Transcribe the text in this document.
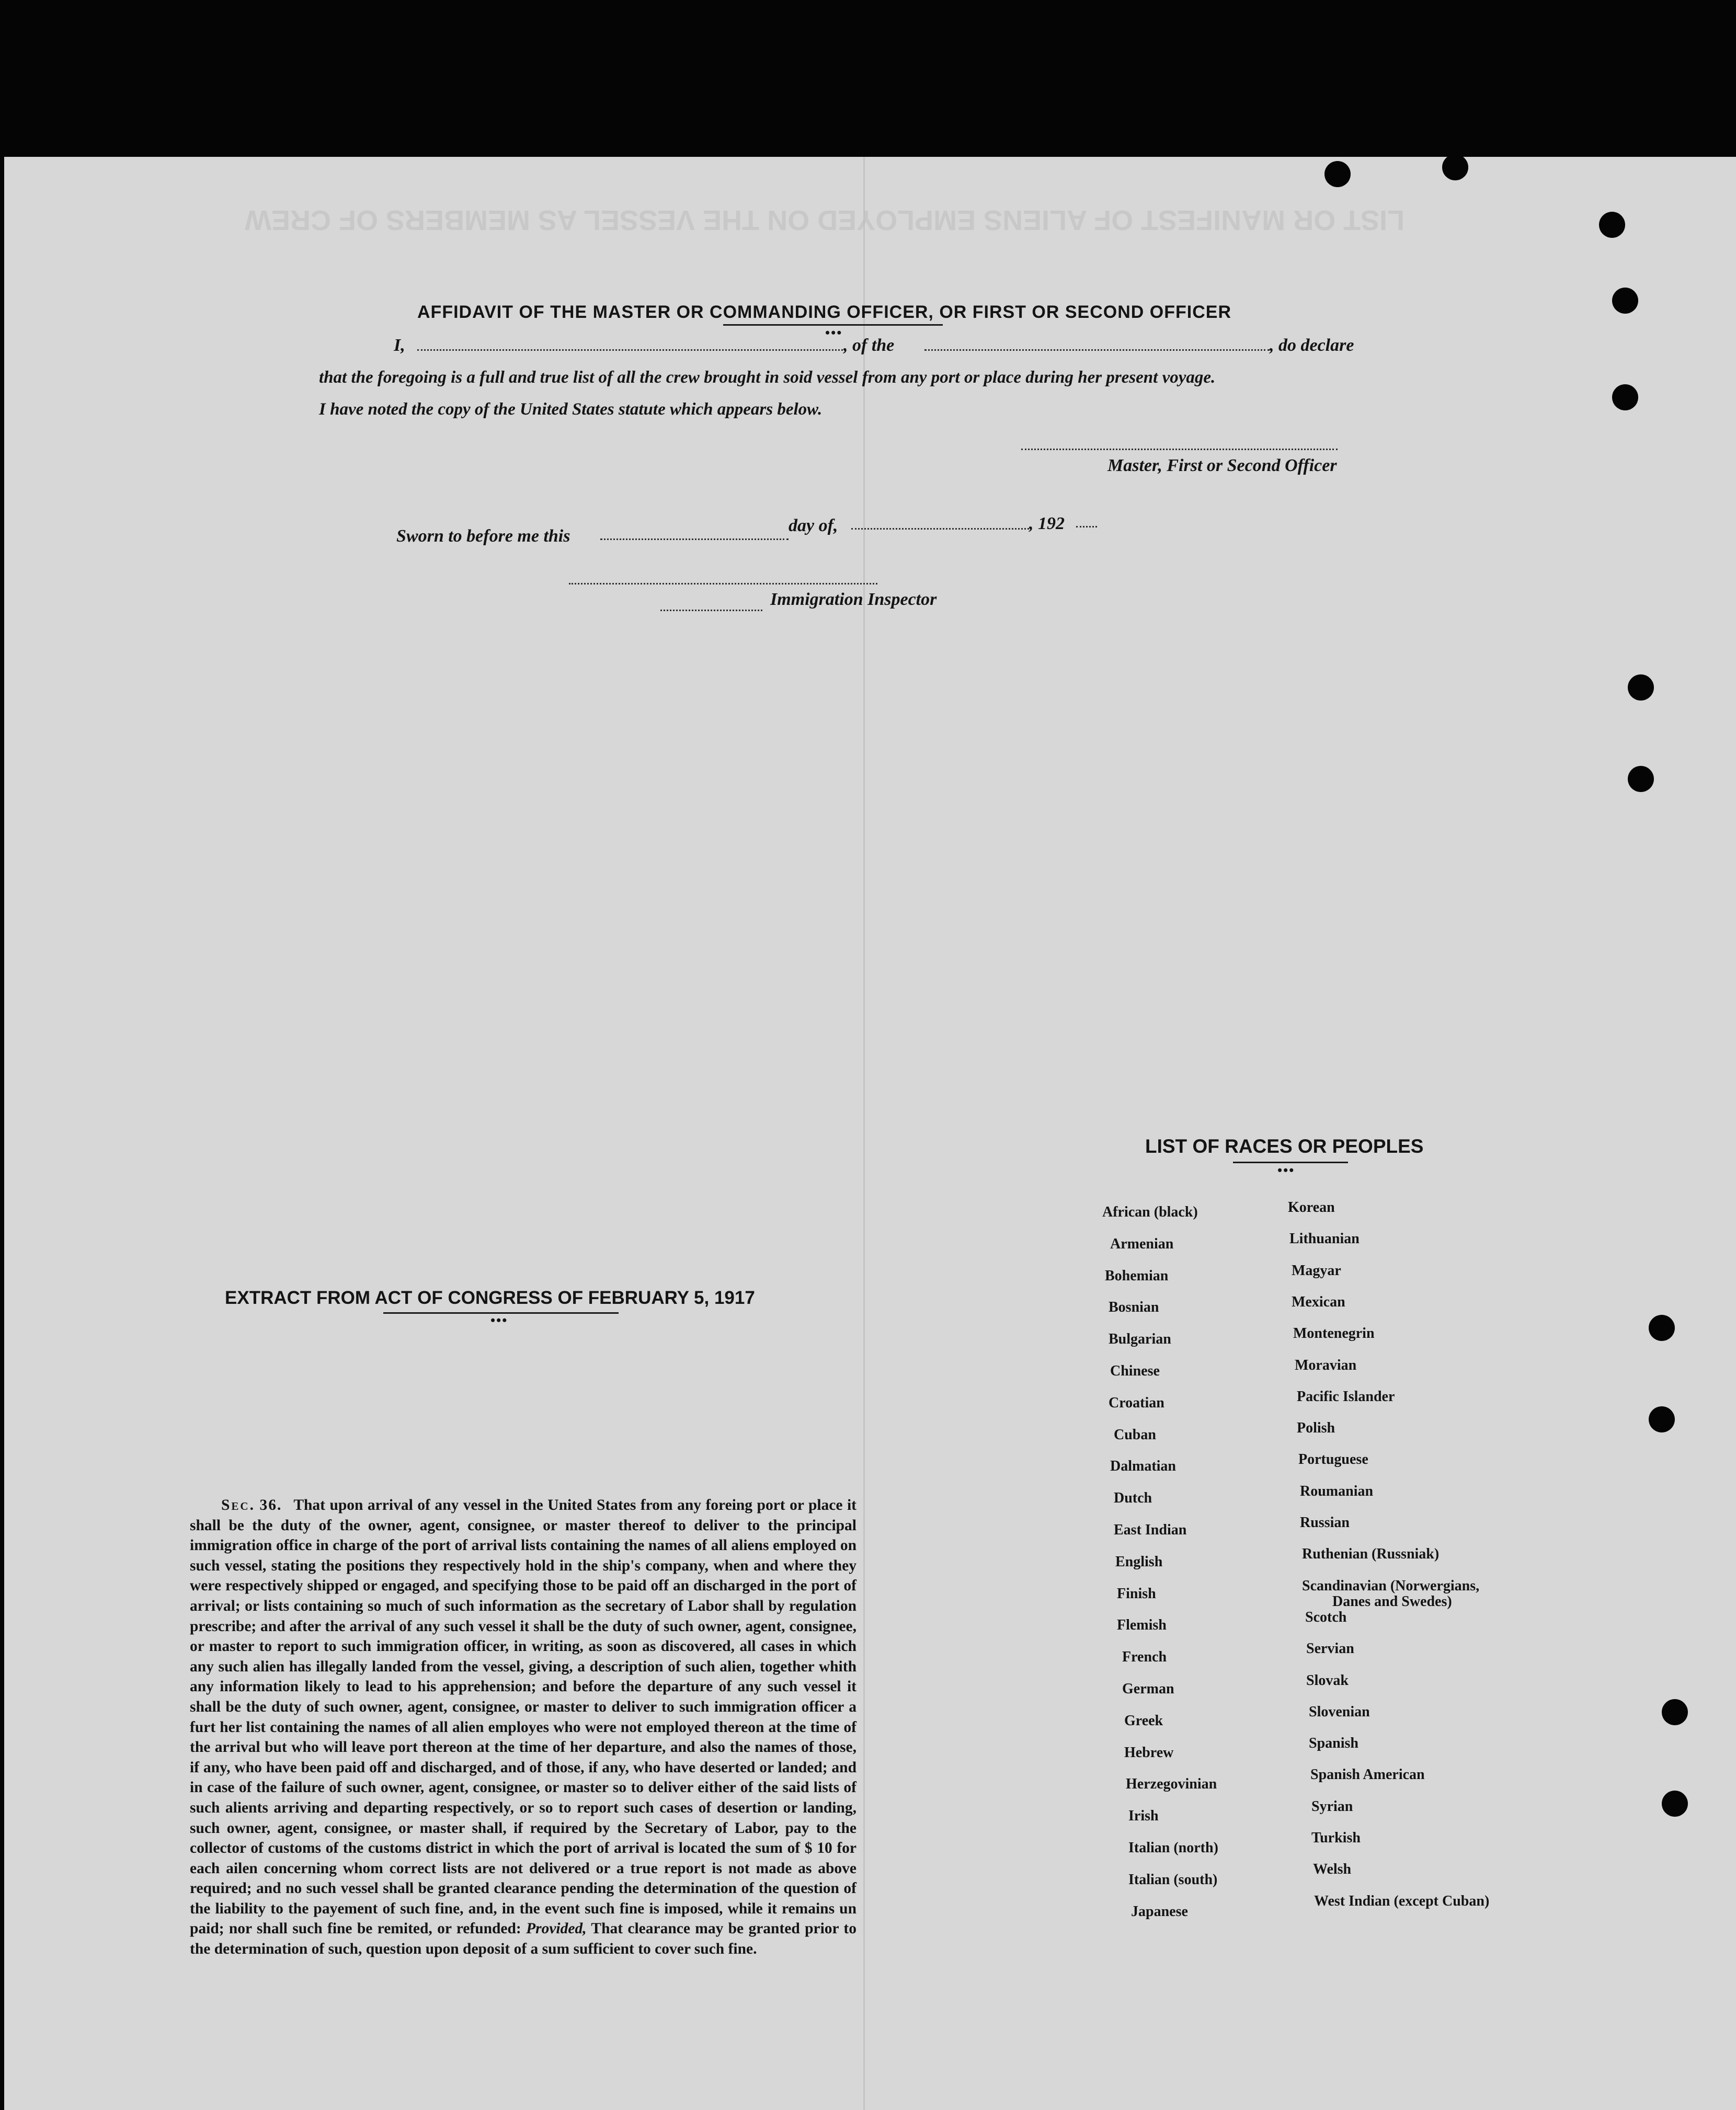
LIST OR MANIFEST OF ALIENS EMPLOYED ON THE VESSEL AS MEMBERS OF CREW
AFFIDAVIT OF THE MASTER OR COMMANDING OFFICER, OR FIRST OR SECOND OFFICER
•••
I,	, of the	, do declare
that the foregoing is a full and true list of all the crew brought in soid vessel from any port or place during her present voyage.
I have noted the copy of the United States statute which appears below.
Master, First or Second Officer
Sworn to before me this
day of,	, 192
Immigration Inspector
EXTRACT FROM ACT OF CONGRESS OF FEBRUARY 5, 1917
•••
Sec. 36. That upon arrival of any vessel in the United States from any foreing port or place it shall be the duty of the owner, agent, consignee, or master thereof to deliver to the principal immigration office in charge of the port of arrival lists containing the names of all aliens employed on such vessel, stating the positions they respectively hold in the ship's company, when and where they were respectively shipped or engaged, and specifying those to be paid off an discharged in the port of arrival; or lists containing so much of such information as the secretary of Labor shall by regulation prescribe; and after the arrival of any such vessel it shall be the duty of such owner, agent, consignee, or master to report to such immigration officer, in writing, as soon as discovered, all cases in which any such alien has illegally landed from the vessel, giving, a description of such alien, together whith any information likely to lead to his apprehension; and before the departure of any such vessel it shall be the duty of such owner, agent, consignee, or master to deliver to such immigration officer a furt her list containing the names of all alien employes who were not employed thereon at the time of the arrival but who will leave port thereon at the time of her departure, and also the names of those, if any, who have been paid off and discharged, and of those, if any, who have deserted or landed; and in case of the failure of such owner, agent, consignee, or master so to deliver either of the said lists of such alients arriving and departing respectively, or so to report such cases of desertion or landing, such owner, agent, consignee, or master shall, if required by the Secretary of Labor, pay to the collector of customs of the customs district in which the port of arrival is located the sum of $ 10 for each ailen concerning whom correct lists are not delivered or a true report is not made as above required; and no such vessel shall be granted clearance pending the determination of the question of the liability to the payement of such fine, and, in the event such fine is imposed, while it remains un paid; nor shall such fine be remited, or refunded: Provided, That clearance may be granted prior to the determination of such, question upon deposit of a sum sufficient to cover such fine.
LIST OF RACES OR PEOPLES
•••
African (black)
Armenian
Bohemian
Bosnian
Bulgarian
Chinese
Croatian
Cuban
Dalmatian
Dutch
East Indian
English
Finish
Flemish
French
German
Greek
Hebrew
Herzegovinian
Irish
Italian (north)
Italian (south)
Japanese
Korean
Lithuanian
Magyar
Mexican
Montenegrin
Moravian
Pacific Islander
Polish
Portuguese
Roumanian
Russian
Ruthenian (Russniak)
Scandinavian (Norwergians,
Danes and Swedes)
Scotch
Servian
Slovak
Slovenian
Spanish
Spanish American
Syrian
Turkish
Welsh
West Indian (except Cuban)
